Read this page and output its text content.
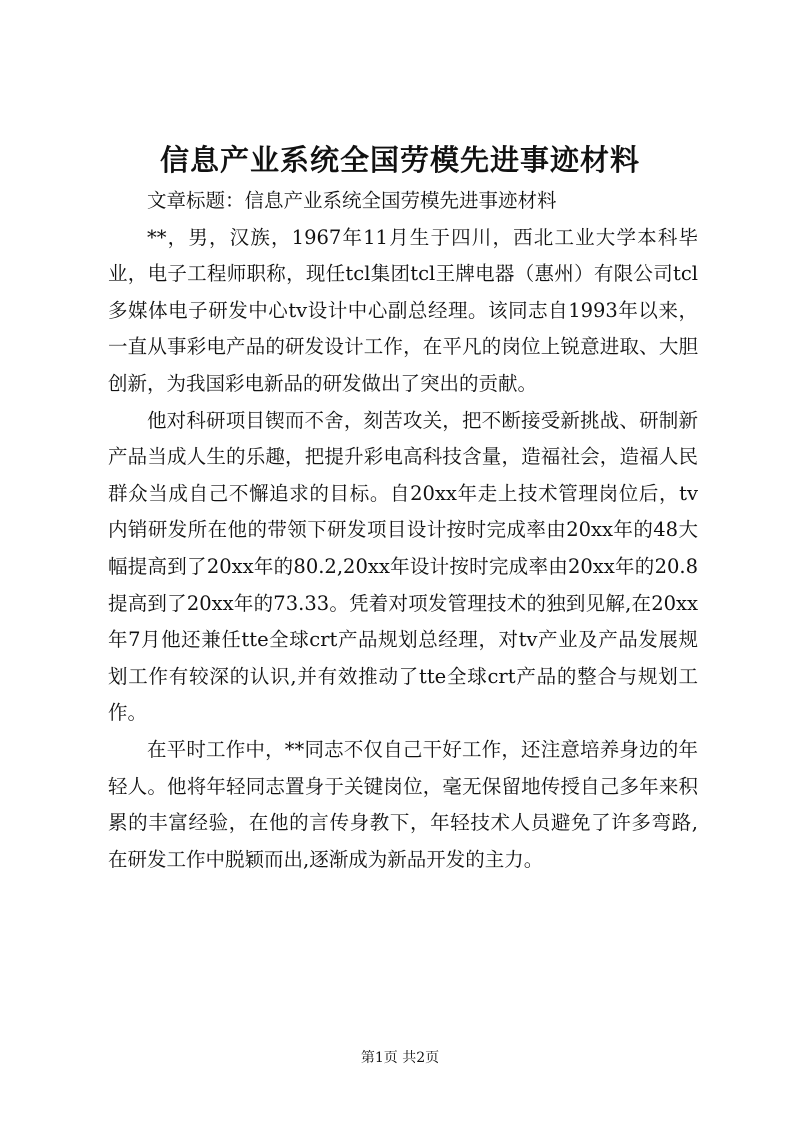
信息产业系统全国劳模先进事迹材料

文章标题：信息产业系统全国劳模先进事迹材料

**，男，汉族，1967年11月生于四川，西北工业大学本科毕业，电子工程师职称，现任tcl集团tcl王牌电器（惠州）有限公司tcl多媒体电子研发中心tv设计中心副总经理。该同志自1993年以来，一直从事彩电产品的研发设计工作，在平凡的岗位上锐意进取、大胆创新，为我国彩电新品的研发做出了突出的贡献。

他对科研项目锲而不舍，刻苦攻关，把不断接受新挑战、研制新产品当成人生的乐趣，把提升彩电高科技含量，造福社会，造福人民群众当成自己不懈追求的目标。自20xx年走上技术管理岗位后，tv内销研发所在他的带领下研发项目设计按时完成率由20xx年的48大幅提高到了20xx年的80.2,20xx年设计按时完成率由20xx年的20.8提高到了20xx年的73.33。凭着对项发管理技术的独到见解,在20xx年7月他还兼任tte全球crt产品规划总经理，对tv产业及产品发展规划工作有较深的认识,并有效推动了tte全球crt产品的整合与规划工作。

在平时工作中，**同志不仅自己干好工作，还注意培养身边的年轻人。他将年轻同志置身于关键岗位，毫无保留地传授自己多年来积累的丰富经验，在他的言传身教下，年轻技术人员避免了许多弯路,在研发工作中脱颖而出,逐渐成为新品开发的主力。

第1页 共2页
